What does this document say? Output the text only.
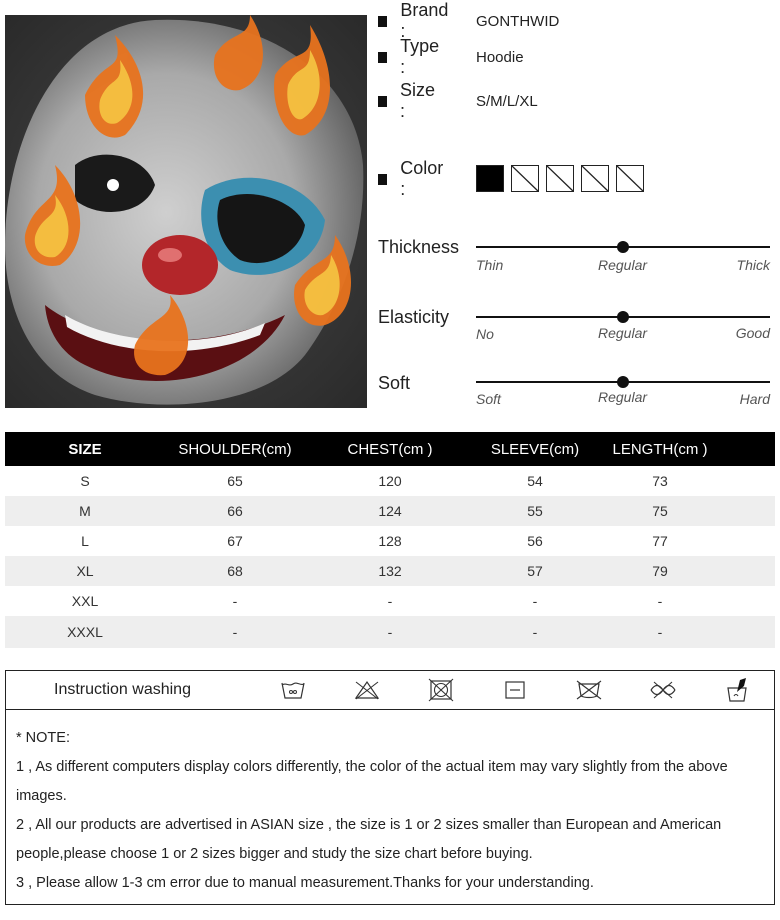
Brand :	GONTHWID
Type :	Hoodie
Size :	S/M/L/XL
Color :
Thickness
Thin	Regular	Thick
Elasticity
No	Regular	Good
Soft
Soft	Regular	Hard
SIZE	SHOULDER(cm)	CHEST(cm )	SLEEVE(cm)	LENGTH(cm )
S	65	120	54	73
M	66	124	55	75
L	67	128	56	77
XL	68	132	57	79
XXL	-	-	-	-
XXXL	-	-	-	-
Instruction washing

* NOTE:

1 , As different computers display colors differently, the color of the actual item may vary slightly from the above

images.

2 , All our products are advertised in ASIAN size , the size is 1 or 2 sizes smaller than European and American

people,please choose 1 or 2 sizes bigger and study the size chart before buying.

3 , Please allow 1-3 cm error due to manual measurement.Thanks for your understanding.
